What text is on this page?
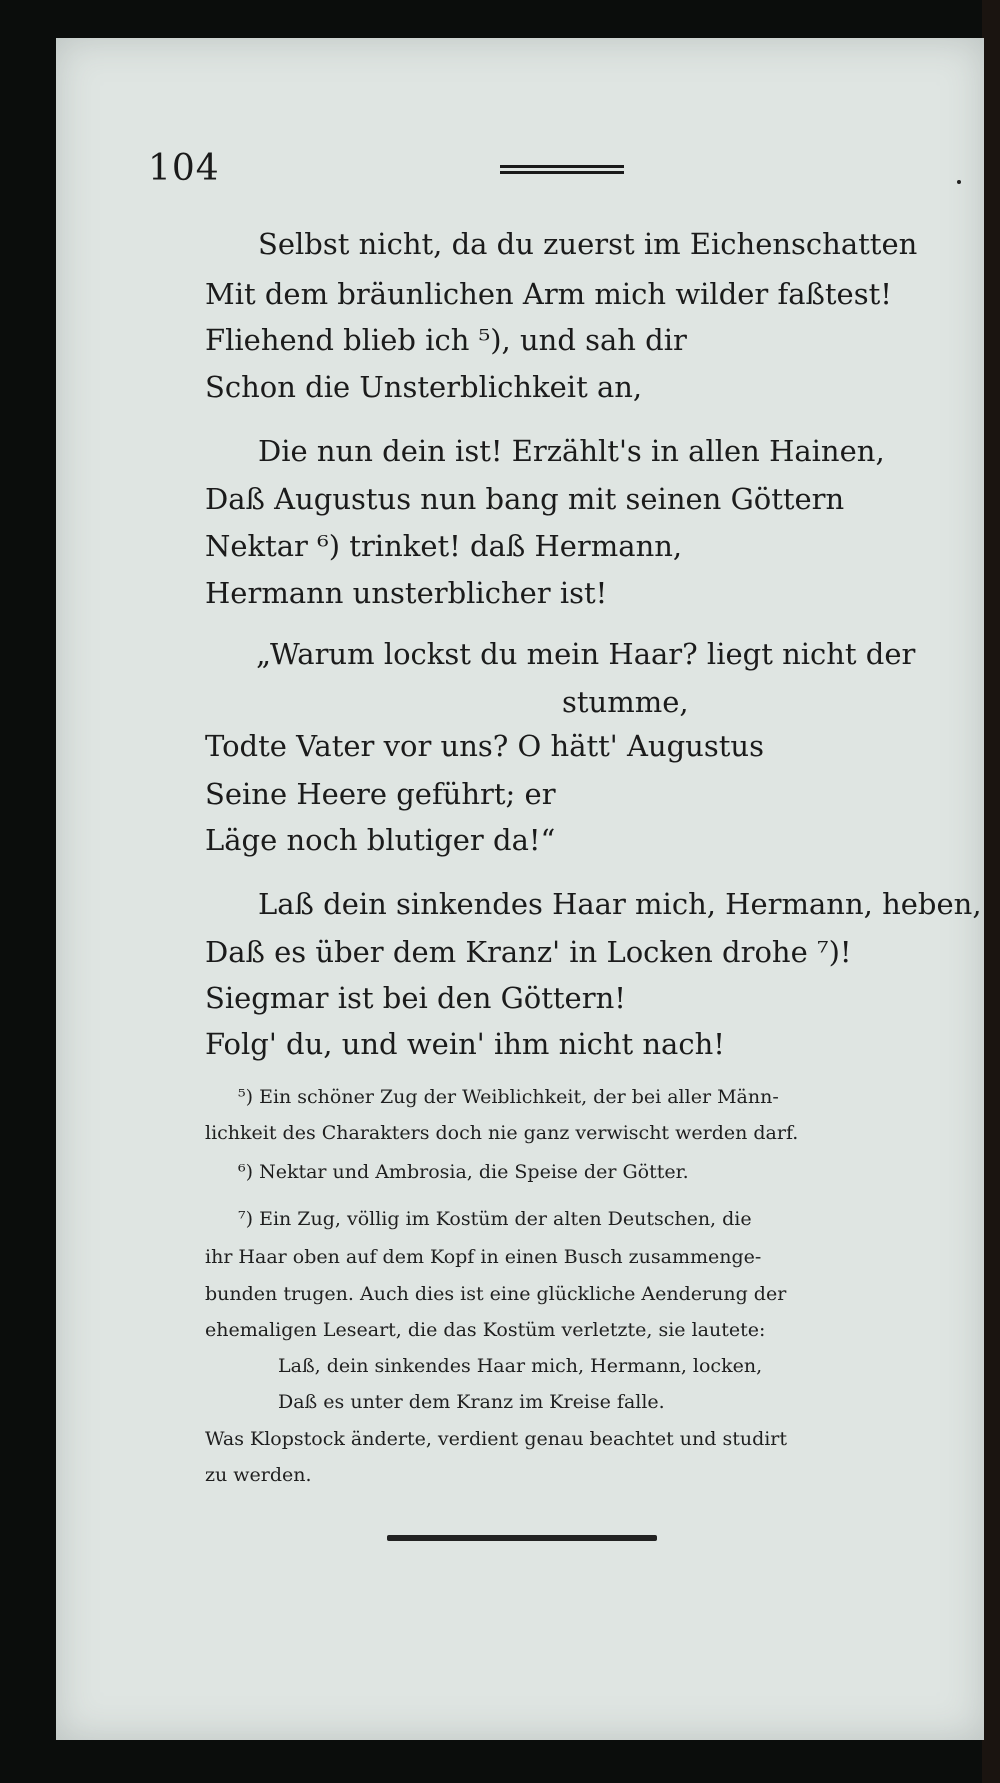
104
Selbst nicht, da du zuerst im Eichenschatten
Mit dem bräunlichen Arm mich wilder faßtest!
Fliehend blieb ich ⁵), und sah dir
Schon die Unsterblichkeit an,
Die nun dein ist! Erzählt's in allen Hainen,
Daß Augustus nun bang mit seinen Göttern
Nektar ⁶) trinket! daß Hermann,
Hermann unsterblicher ist!
„Warum lockst du mein Haar? liegt nicht der
stumme,
Todte Vater vor uns? O hätt' Augustus
Seine Heere geführt; er
Läge noch blutiger da!“
Laß dein sinkendes Haar mich, Hermann, heben,
Daß es über dem Kranz' in Locken drohe ⁷)!
Siegmar ist bei den Göttern!
Folg' du, und wein' ihm nicht nach!
⁵) Ein schöner Zug der Weiblichkeit, der bei aller Männ-
lichkeit des Charakters doch nie ganz verwischt werden darf.
⁶) Nektar und Ambrosia, die Speise der Götter.
⁷) Ein Zug, völlig im Kostüm der alten Deutschen, die
ihr Haar oben auf dem Kopf in einen Busch zusammenge-
bunden trugen. Auch dies ist eine glückliche Aenderung der
ehemaligen Leseart, die das Kostüm verletzte, sie lautete:
Laß, dein sinkendes Haar mich, Hermann, locken,
Daß es unter dem Kranz im Kreise falle.
Was Klopstock änderte, verdient genau beachtet und studirt
zu werden.
